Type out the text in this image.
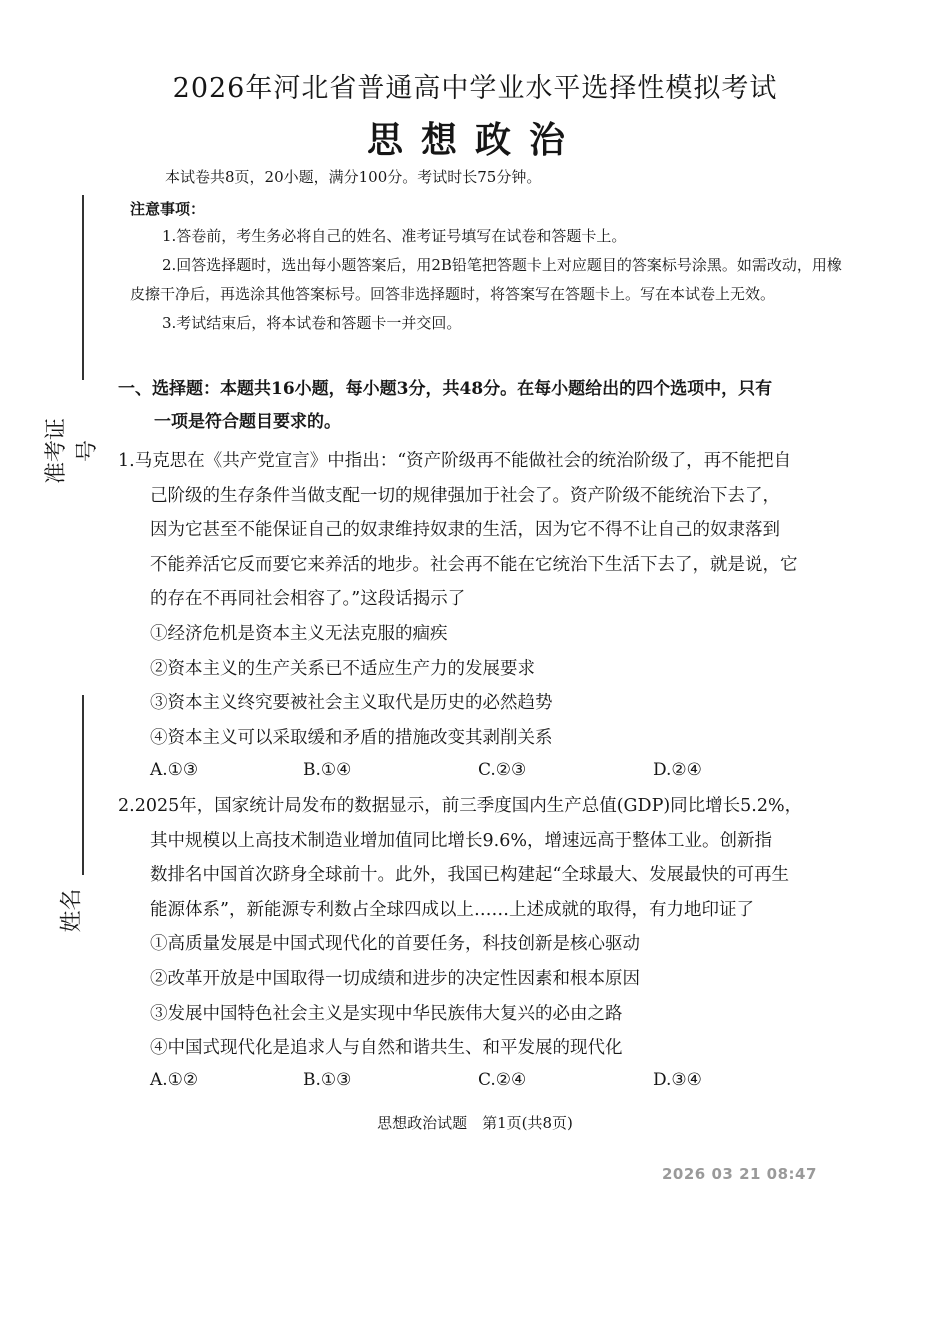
准考证号
姓名
2026年河北省普通高中学业水平选择性模拟考试
思想政治
本试卷共8页，20小题，满分100分。考试时长75分钟。
注意事项：

1.答卷前，考生务必将自己的姓名、准考证号填写在试卷和答题卡上。

2.回答选择题时，选出每小题答案后，用2B铅笔把答题卡上对应题目的答案标号涂黑。如需改动，用橡皮擦干净后，再选涂其他答案标号。回答非选择题时，将答案写在答题卡上。写在本试卷上无效。

3.考试结束后，将本试卷和答题卡一并交回。

一、选择题：本题共16小题，每小题3分，共48分。在每小题给出的四个选项中，只有
一项是符合题目要求的。
1.马克思在《共产党宣言》中指出：“资产阶级再不能做社会的统治阶级了，再不能把自
己阶级的生存条件当做支配一切的规律强加于社会了。资产阶级不能统治下去了，
因为它甚至不能保证自己的奴隶维持奴隶的生活，因为它不得不让自己的奴隶落到
不能养活它反而要它来养活的地步。社会再不能在它统治下生活下去了，就是说，它
的存在不再同社会相容了。”这段话揭示了
①经济危机是资本主义无法克服的痼疾
②资本主义的生产关系已不适应生产力的发展要求
③资本主义终究要被社会主义取代是历史的必然趋势
④资本主义可以采取缓和矛盾的措施改变其剥削关系
A.①③	B.①④	C.②③	D.②④
2.2025年，国家统计局发布的数据显示，前三季度国内生产总值(GDP)同比增长5.2%，
其中规模以上高技术制造业增加值同比增长9.6%，增速远高于整体工业。创新指
数排名中国首次跻身全球前十。此外，我国已构建起“全球最大、发展最快的可再生
能源体系”，新能源专利数占全球四成以上……上述成就的取得，有力地印证了
①高质量发展是中国式现代化的首要任务，科技创新是核心驱动
②改革开放是中国取得一切成绩和进步的决定性因素和根本原因
③发展中国特色社会主义是实现中华民族伟大复兴的必由之路
④中国式现代化是追求人与自然和谐共生、和平发展的现代化
A.①②	B.①③	C.②④	D.③④
思想政治试题　第1页(共8页)
2026 03 21 08:47
